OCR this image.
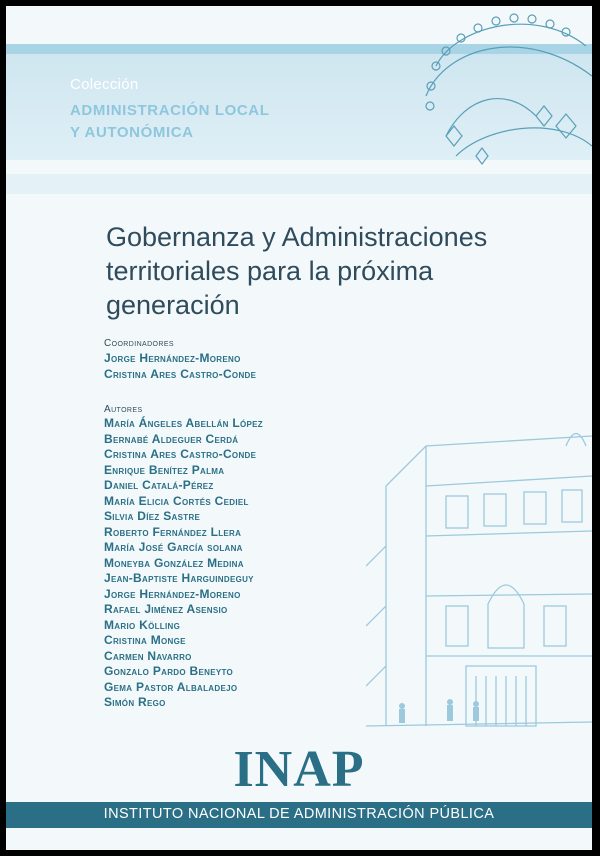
Colección
ADMINISTRACIÓN LOCAL
Y AUTONÓMICA
Gobernanza y Administraciones
territoriales para la próxima
generación
Coordinadores
Jorge Hernández-Moreno
Cristina Ares Castro-Conde
Autores
María Ángeles Abellán López
Bernabé Aldeguer Cerdá
Cristina Ares Castro-Conde
Enrique Benítez Palma
Daniel Catalá-Pérez
María Elicia Cortés Cediel
Silvia Díez Sastre
Roberto Fernández Llera
María José García solana
Moneyba González Medina
Jean-Baptiste Harguindeguy
Jorge Hernández-Moreno
Rafael Jiménez Asensio
Mario Kölling
Cristina Monge
Carmen Navarro
Gonzalo Pardo Beneyto
Gema Pastor Albaladejo
Simón Rego
INAP
INSTITUTO NACIONAL DE ADMINISTRACIÓN PÚBLICA
